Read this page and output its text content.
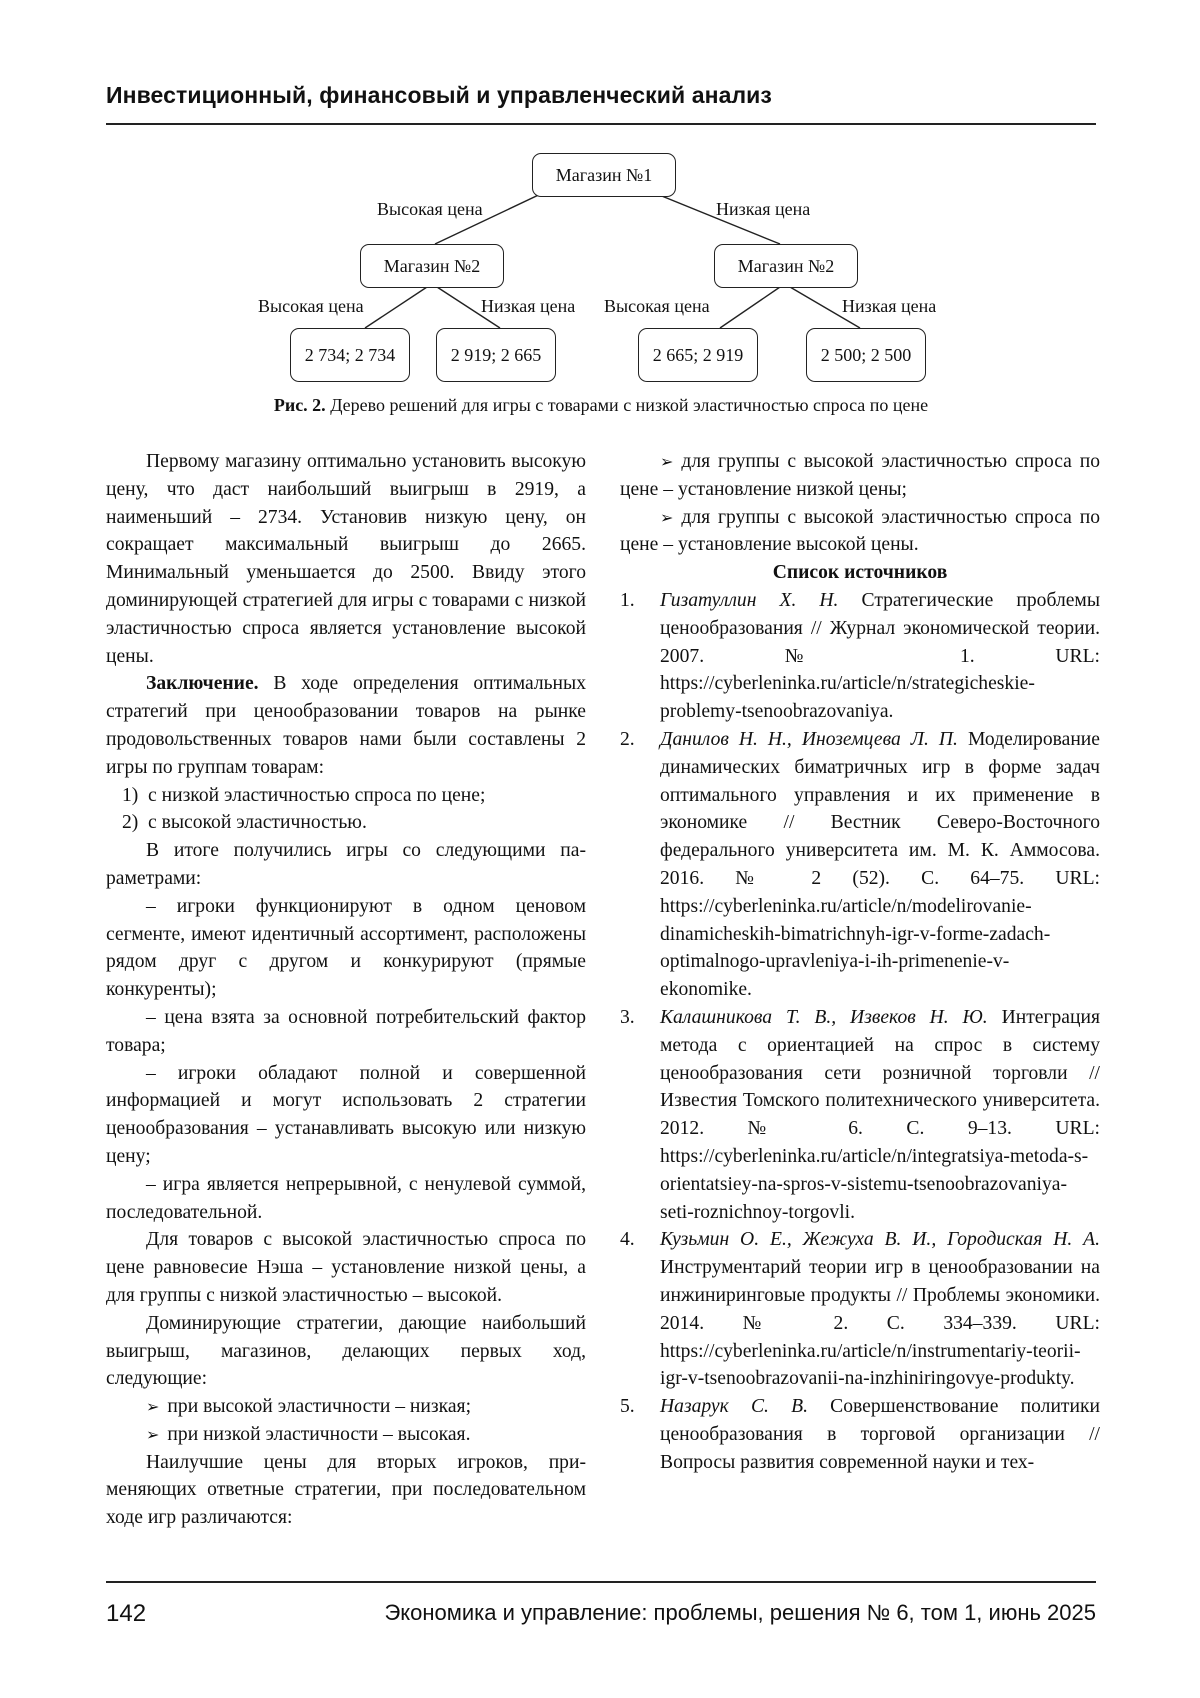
Инвестиционный, финансовый и управленческий анализ
Магазин №1
Высокая цена	Низкая цена
Магазин №2	Магазин №2
Высокая цена	Низкая цена Высокая цена	Низкая цена
2 734; 2 734	2 919; 2 665	2 665; 2 919	2 500; 2 500
Рис. 2. Дерево решений для игры с товарами с низкой эластичностью спроса по цене

Первому магазину оптимально установить высокую цену, что даст наибольший выигрыш в 2919, а наименьший – 2734. Установив низкую цену, он сокращает максимальный выигрыш до 2665. Минимальный уменьшается до 2500. Ввиду этого доминирующей стратегией для игры с товарами с низкой эластичностью спроса является установление высокой цены.

Заключение. В ходе определения оптимальных стратегий при ценообразовании товаров на рынке продовольственных товаров нами были составлены 2 игры по группам товарам:

1) с низкой эластичностью спроса по цене;

2) с высокой эластичностью.

В итоге получились игры со следующими параметрами:

– игроки функционируют в одном ценовом сегменте, имеют идентичный ассортимент, расположены рядом друг с другом и конкурируют (прямые конкуренты);

– цена взята за основной потребительский фактор товара;

– игроки обладают полной и совершенной информацией и могут использовать 2 стратегии ценообразования – устанавливать высокую или низкую цену;

– игра является непрерывной, с ненулевой суммой, последовательной.

Для товаров с высокой эластичностью спроса по цене равновесие Нэша – установление низкой цены, а для группы с низкой эластичностью – высокой.

Доминирующие стратегии, дающие наибольший выигрыш, магазинов, делающих первых ход, следующие:

➢ при высокой эластичности – низкая;

➢ при низкой эластичности – высокая.

Наилучшие цены для вторых игроков, применяющих ответные стратегии, при последовательном ходе игр различаются:

➢ для группы с высокой эластичностью спроса по цене – установление низкой цены;

➢ для группы с высокой эластичностью спроса по цене – установление высокой цены.

Список источников

1.	Гизатуллин Х. Н. Стратегические проблемы ценообразования // Журнал экономической теории. 2007. № 1. URL: https://cyberleninka.ru/article/n/strategicheskie-problemy-tsenoobrazovaniya.
2.	Данилов Н. Н., Иноземцева Л. П. Моделирование динамических биматричных игр в форме задач оптимального управления и их применение в экономике // Вестник Северо-Восточного федерального университета им. М. К. Аммосова. 2016. № 2 (52). С. 64–75. URL: https://cyberleninka.ru/article/n/modelirovanie-dinamicheskih-bimatrichnyh-igr-v-forme-zadach-optimalnogo-upravleniya-i-ih-primenenie-v-ekonomike.
3.	Калашникова Т. В., Извеков Н. Ю. Интеграция метода с ориентацией на спрос в систему ценообразования сети розничной торговли // Известия Томского политехнического университета. 2012. № 6. С. 9–13. URL: https://cyberleninka.ru/article/n/integratsiya-metoda-s-orientatsiey-na-spros-v-sistemu-tsenoobrazovaniya-seti-roznichnoy-torgovli.
4.	Кузьмин О. Е., Жежуха В. И., Городиская Н. А. Инструментарий теории игр в ценообразовании на инжиниринговые продукты // Проблемы экономики. 2014. № 2. С. 334–339. URL: https://cyberleninka.ru/article/n/instrumentariy-teorii-igr-v-tsenoobrazovanii-na-inzhiniringovye-produkty.
5.	Назарук С. В. Совершенствование политики ценообразования в торговой организации // Вопросы развития современной науки и тех-
142	Экономика и управление: проблемы, решения № 6, том 1, июнь 2025
